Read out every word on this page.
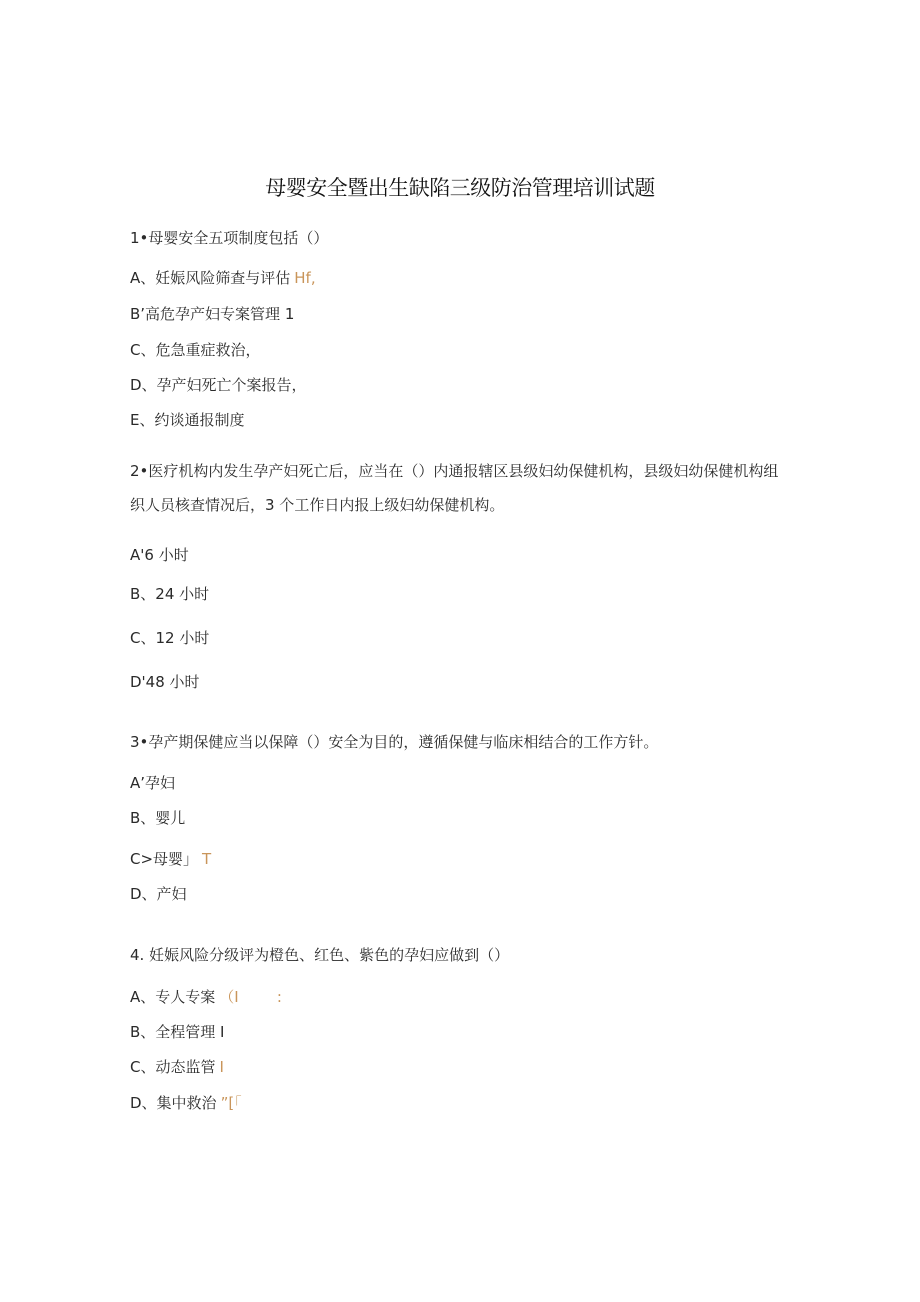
母婴安全暨出生缺陷三级防治管理培训试题
1•母婴安全五项制度包括（）
A、妊娠风险筛查与评估 Hf,
B’高危孕产妇专案管理 1
C、危急重症救治，
D、孕产妇死亡个案报告，
E、约谈通报制度
2•医疗机构内发生孕产妇死亡后，应当在（）内通报辖区县级妇幼保健机构，县级妇幼保健机构组织人员核查情况后，3 个工作日内报上级妇幼保健机构。
A'6 小时
B、24 小时
C、12 小时
D'48 小时
3•孕产期保健应当以保障（）安全为目的，遵循保健与临床相结合的工作方针。
A’孕妇
B、婴儿
C>母婴」 T
D、产妇
4. 妊娠风险分级评为橙色、红色、紫色的孕妇应做到（）
A、专人专案 （I        :
B、全程管理 I
C、动态监管 I
D、集中救治 ”[「
